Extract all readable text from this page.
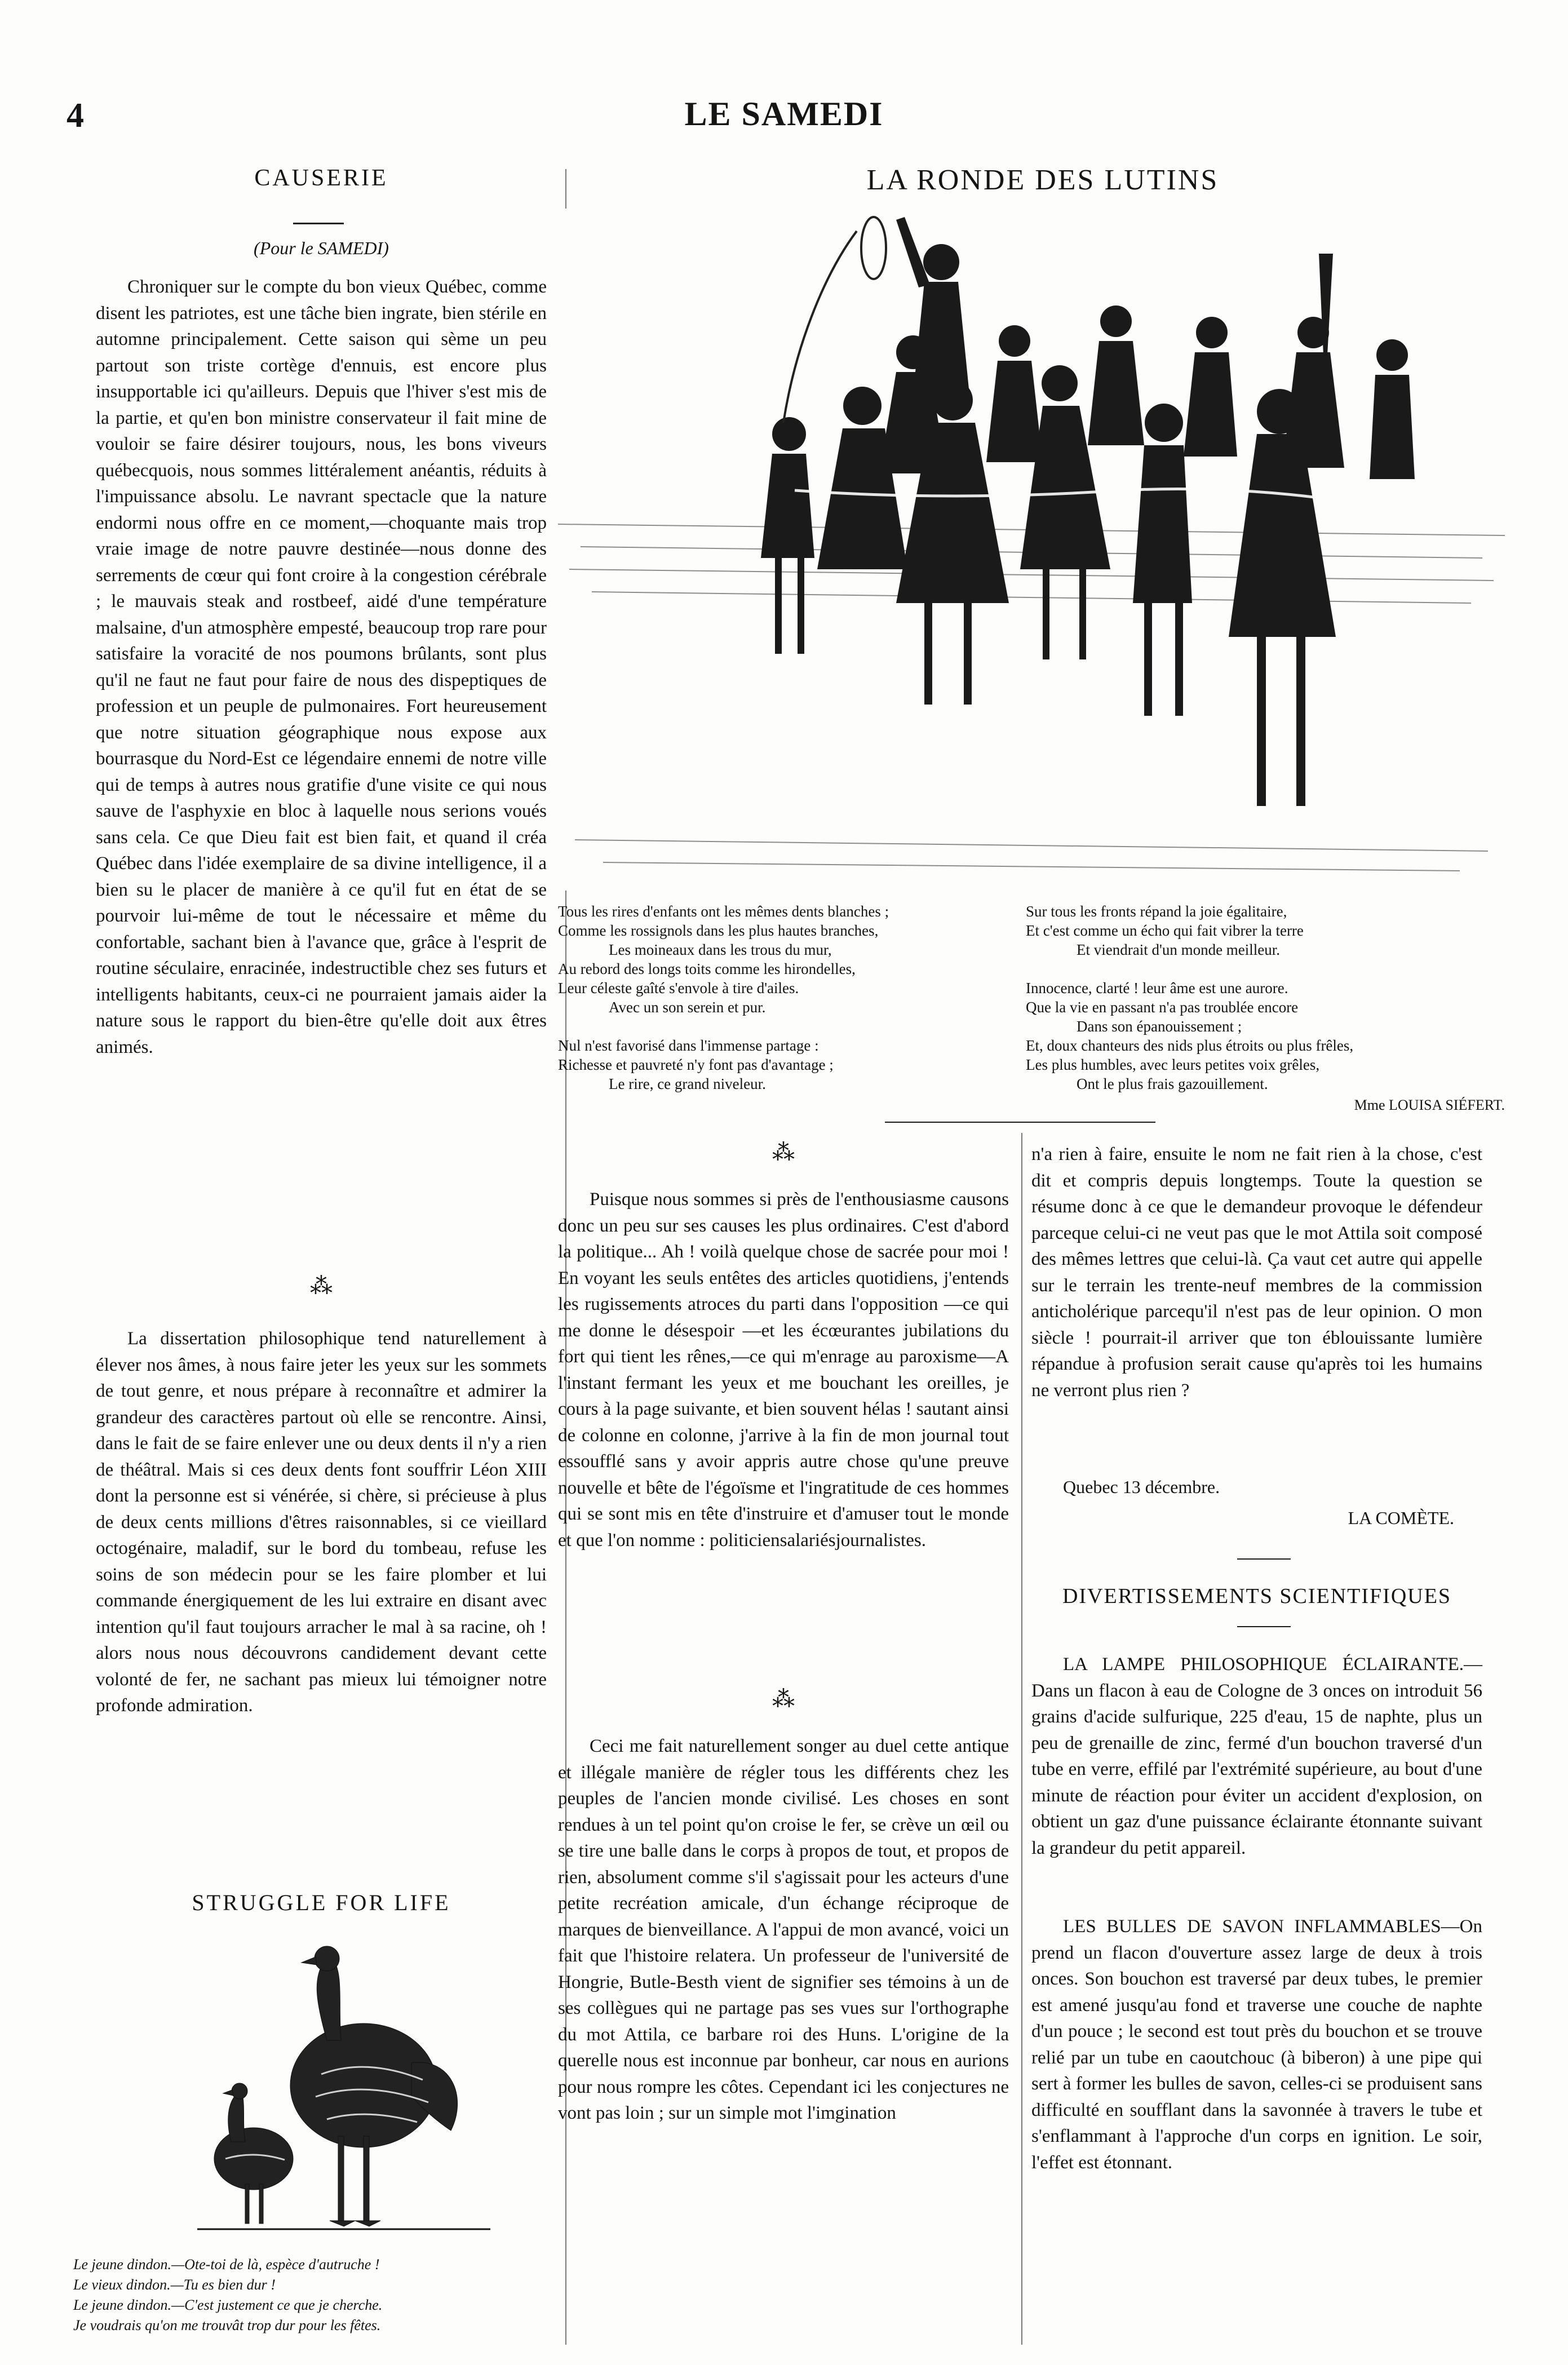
4	LE SAMEDI
CAUSERIE
(Pour le SAMEDI)

Chroniquer sur le compte du bon vieux Québec, comme disent les patriotes, est une tâche bien ingrate, bien stérile en automne principalement. Cette saison qui sème un peu partout son triste cortège d'ennuis, est encore plus insupportable ici qu'ailleurs. Depuis que l'hiver s'est mis de la partie, et qu'en bon ministre conservateur il fait mine de vouloir se faire désirer toujours, nous, les bons viveurs québecquois, nous sommes littéralement anéantis, réduits à l'impuissance absolu. Le navrant spectacle que la nature endormi nous offre en ce moment,—choquante mais trop vraie image de notre pauvre destinée—nous donne des serrements de cœur qui font croire à la congestion cérébrale ; le mauvais steak and rostbeef, aidé d'une température malsaine, d'un atmosphère empesté, beaucoup trop rare pour satisfaire la voracité de nos poumons brûlants, sont plus qu'il ne faut ne faut pour faire de nous des dispeptiques de profession et un peuple de pulmonaires. Fort heureusement que notre situation géographique nous expose aux bourrasque du Nord-Est ce légendaire ennemi de notre ville qui de temps à autres nous gratifie d'une visite ce qui nous sauve de l'asphyxie en bloc à laquelle nous serions voués sans cela. Ce que Dieu fait est bien fait, et quand il créa Québec dans l'idée exemplaire de sa divine intelligence, il a bien su le placer de manière à ce qu'il fut en état de se pourvoir lui-même de tout le nécessaire et même du confortable, sachant bien à l'avance que, grâce à l'esprit de routine séculaire, enracinée, indestructible chez ses futurs et intelligents habitants, ceux-ci ne pourraient jamais aider la nature sous le rapport du bien-être qu'elle doit aux êtres animés.

⁂

La dissertation philosophique tend naturellement à élever nos âmes, à nous faire jeter les yeux sur les sommets de tout genre, et nous prépare à reconnaître et admirer la grandeur des caractères partout où elle se rencontre. Ainsi, dans le fait de se faire enlever une ou deux dents il n'y a rien de théâtral. Mais si ces deux dents font souffrir Léon XIII dont la personne est si vénérée, si chère, si précieuse à plus de deux cents millions d'êtres raisonnables, si ce vieillard octogénaire, maladif, sur le bord du tombeau, refuse les soins de son médecin pour se les faire plomber et lui commande énergiquement de les lui extraire en disant avec intention qu'il faut toujours arracher le mal à sa racine, oh ! alors nous nous découvrons candidement devant cette volonté de fer, ne sachant pas mieux lui témoigner notre profonde admiration.

STRUGGLE FOR LIFE
Le jeune dindon.—Ote-toi de là, espèce d'autruche !
Le vieux dindon.—Tu es bien dur !
Le jeune dindon.—C'est justement ce que je cherche.
Je voudrais qu'on me trouvât trop dur pour les fêtes.
LA RONDE DES LUTINS
Tous les rires d'enfants ont les mêmes dents blanches ;
Comme les rossignols dans les plus hautes branches,
Les moineaux dans les trous du mur,
Au rebord des longs toits comme les hirondelles,
Leur céleste gaîté s'envole à tire d'ailes.
Avec un son serein et pur.
Nul n'est favorisé dans l'immense partage :
Richesse et pauvreté n'y font pas d'avantage ;
Le rire, ce grand niveleur.
Sur tous les fronts répand la joie égalitaire,
Et c'est comme un écho qui fait vibrer la terre
Et viendrait d'un monde meilleur.
Innocence, clarté ! leur âme est une aurore.
Que la vie en passant n'a pas troublée encore
Dans son épanouissement ;
Et, doux chanteurs des nids plus étroits ou plus frêles,
Les plus humbles, avec leurs petites voix grêles,
Ont le plus frais gazouillement.
Mme LOUISA SIÉFERT.
⁂

Puisque nous sommes si près de l'enthousiasme causons donc un peu sur ses causes les plus ordinaires. C'est d'abord la politique... Ah ! voilà quelque chose de sacrée pour moi ! En voyant les seuls entêtes des articles quotidiens, j'entends les rugissements atroces du parti dans l'opposition —ce qui me donne le désespoir —et les écœurantes jubilations du fort qui tient les rênes,—ce qui m'enrage au paroxisme—A l'instant fermant les yeux et me bouchant les oreilles, je cours à la page suivante, et bien souvent hélas ! sautant ainsi de colonne en colonne, j'arrive à la fin de mon journal tout essoufflé sans y avoir appris autre chose qu'une preuve nouvelle et bête de l'égoïsme et l'ingratitude de ces hommes qui se sont mis en tête d'instruire et d'amuser tout le monde et que l'on nomme : politiciensalariésjournalistes.

⁂

Ceci me fait naturellement songer au duel cette antique et illégale manière de régler tous les différents chez les peuples de l'ancien monde civilisé. Les choses en sont rendues à un tel point qu'on croise le fer, se crève un œil ou se tire une balle dans le corps à propos de tout, et propos de rien, absolument comme s'il s'agissait pour les acteurs d'une petite recréation amicale, d'un échange réciproque de marques de bienveillance. A l'appui de mon avancé, voici un fait que l'histoire relatera. Un professeur de l'université de Hongrie, Butle-Besth vient de signifier ses témoins à un de ses collègues qui ne partage pas ses vues sur l'orthographe du mot Attila, ce barbare roi des Huns. L'origine de la querelle nous est inconnue par bonheur, car nous en aurions pour nous rompre les côtes. Cependant ici les conjectures ne vont pas loin ; sur un simple mot l'imgination

n'a rien à faire, ensuite le nom ne fait rien à la chose, c'est dit et compris depuis longtemps. Toute la question se résume donc à ce que le demandeur provoque le défendeur parceque celui-ci ne veut pas que le mot Attila soit composé des mêmes lettres que celui-là. Ça vaut cet autre qui appelle sur le terrain les trente-neuf membres de la commission anticholérique parcequ'il n'est pas de leur opinion. O mon siècle ! pourrait-il arriver que ton éblouissante lumière répandue à profusion serait cause qu'après toi les humains ne verront plus rien ?

Quebec 13 décembre.
LA COMÈTE.
DIVERTISSEMENTS SCIENTIFIQUES

LA LAMPE PHILOSOPHIQUE ÉCLAIRANTE.—Dans un flacon à eau de Cologne de 3 onces on introduit 56 grains d'acide sulfurique, 225 d'eau, 15 de naphte, plus un peu de grenaille de zinc, fermé d'un bouchon traversé d'un tube en verre, effilé par l'extrémité supérieure, au bout d'une minute de réaction pour éviter un accident d'explosion, on obtient un gaz d'une puissance éclairante étonnante suivant la grandeur du petit appareil.

LES BULLES DE SAVON INFLAMMABLES—On prend un flacon d'ouverture assez large de deux à trois onces. Son bouchon est traversé par deux tubes, le premier est amené jusqu'au fond et traverse une couche de naphte d'un pouce ; le second est tout près du bouchon et se trouve relié par un tube en caoutchouc (à biberon) à une pipe qui sert à former les bulles de savon, celles-ci se produisent sans difficulté en soufflant dans la savonnée à travers le tube et s'enflammant à l'approche d'un corps en ignition. Le soir, l'effet est étonnant.
